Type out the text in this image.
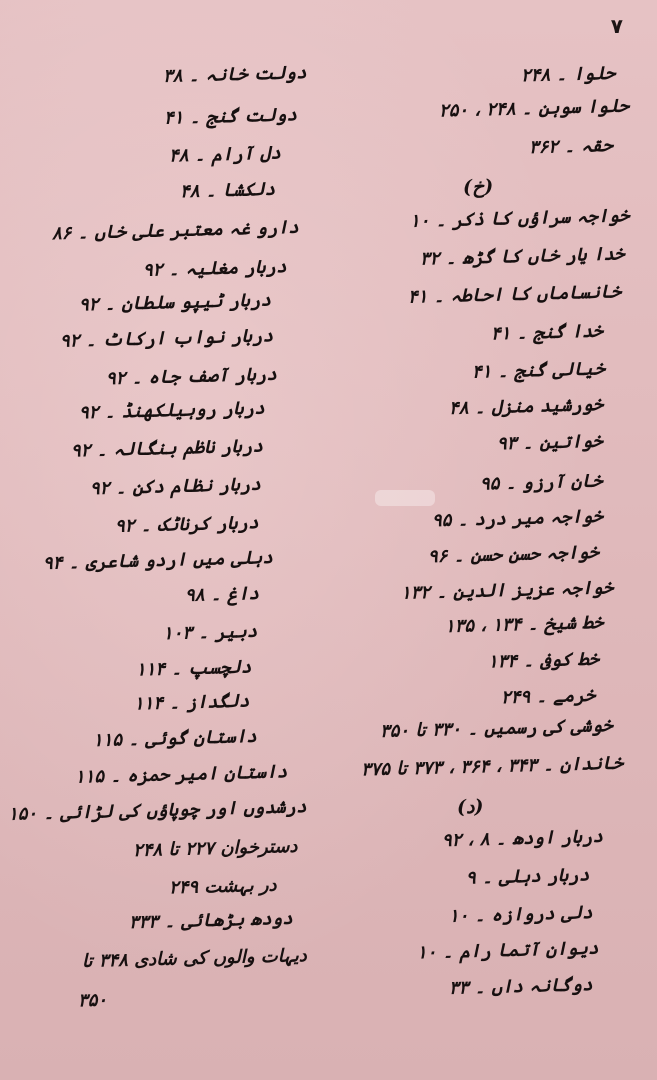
۷
دولت خانہ ۔ ۳۸
دولت گنج ۔ ۴۱
دل آرام ۔ ۴۸
دلکشا ۔ ۴۸
دارو غہ معتبر علی خاں ۔ ۸۶
دربار مغلیہ ۔ ۹۲
دربار ٹیپو سلطان ۔ ۹۲
دربار نواب ارکاٹ ۔ ۹۲
دربار آصف جاہ ۔ ۹۲
دربار روہیلکھنڈ ۔ ۹۲
دربار ناظم بنگالہ ۔ ۹۲
دربار نظام دکن ۔ ۹۲
دربار کرناٹک ۔ ۹۲
دہلی میں اردو شاعری ۔ ۹۴
داغ ۔ ۹۸
دبیر ۔ ۱۰۳
دلچسپ ۔ ۱۱۴
دلگداز ۔ ۱۱۴
داستان گوئی ۔ ۱۱۵
داستان امیر حمزہ ۔ ۱۱۵
درشدوں اور چوپاؤں کی لڑائی ۔ ۱۵۰
دسترخوان ۲۲۷ تا ۲۴۸
در بہشت ۲۴۹
دودھ بڑھائی ۔ ۳۳۳
دیہات والوں کی شادی ۳۴۸ تا
۳۵۰
حلوا ۔ ۲۴۸
حلوا سوہن ۔ ۲۴۸ ، ۲۵۰
حقہ ۔ ۳۶۲
(خ)
خواجہ سراؤں کا ذکر ۔ ۱۰
خدا یار خاں کا گڑھ ۔ ۳۲
خانساماں کا احاطہ ۔ ۴۱
خدا گنج ۔ ۴۱
خیالی گنج ۔ ۴۱
خورشید منزل ۔ ۴۸
خواتین ۔ ۹۳
خان آرزو ۔ ۹۵
خواجہ میر درد ۔ ۹۵
خواجہ حسن حسن ۔ ۹۶
خواجہ عزیز الدین ۔ ۱۳۲
خط شیخ ۔ ۱۳۴ ، ۱۳۵
خط کوفی ۔ ۱۳۴
خرمے ۔ ۲۴۹
خوشی کی رسمیں ۔ ۳۳۰ تا ۳۵۰
خاندان ۔ ۳۴۳ ، ۳۶۴ ، ۳۷۳ تا ۳۷۵
(د)
دربار اودھ ۔ ۸ ، ۹۲
دربار دہلی ۔ ۹
دلی دروازہ ۔ ۱۰
دیوان آتما رام ۔ ۱۰
دوگانہ داں ۔ ۳۳
